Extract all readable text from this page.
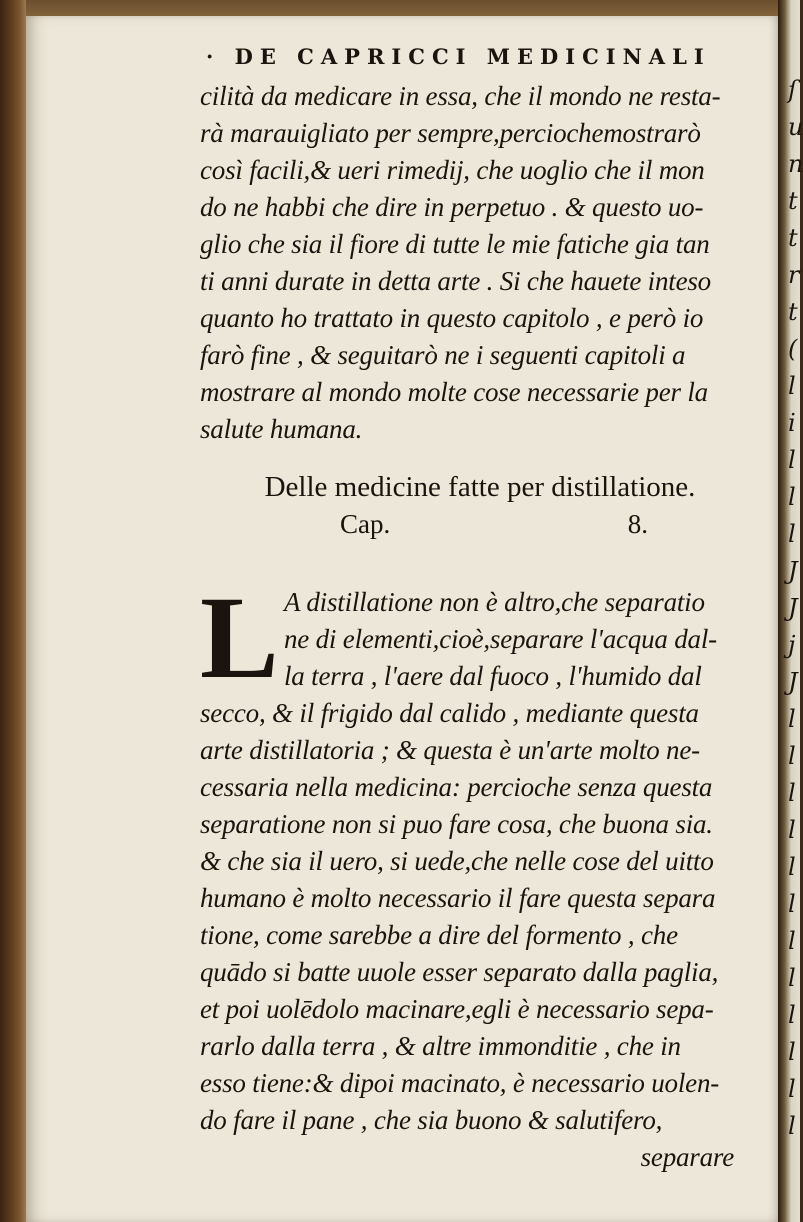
ſ
u
n
t
t
r
t
(
l
i
l
l
l
J
J
j
J
l
l
l
l
l
l
l
l
l
l
l
l
· DE CAPRICCI MEDICINALI
cilità da medicare in essa, che il mondo ne resta-
rà marauigliato per sempre,perciochemostrarò
così facili,& ueri rimedij, che uoglio che il mon
do ne habbi che dire in perpetuo . & questo uo-
glio che sia il fiore di tutte le mie fatiche gia tan
ti anni durate in detta arte . Si che hauete inteso
quanto ho trattato in questo capitolo , e però io
farò fine , & seguitarò ne i seguenti capitoli a
mostrare al mondo molte cose necessarie per la
salute humana.
Delle medicine fatte per distillatione.
Cap.	8.
L A distillatione non è altro,che separatio
ne di elementi,cioè,separare l'acqua dal-
la terra , l'aere dal fuoco , l'humido dal
secco, & il frigido dal calido , mediante questa
arte distillatoria ; & questa è un'arte molto ne-
cessaria nella medicina: percioche senza questa
separatione non si puo fare cosa, che buona sia.
& che sia il uero, si uede,che nelle cose del uitto
humano è molto necessario il fare questa separa
tione, come sarebbe a dire del formento , che
quādo si batte uuole esser separato dalla paglia,
et poi uolēdolo macinare,egli è necessario sepa-
rarlo dalla terra , & altre immonditie , che in
esso tiene:& dipoi macinato, è necessario uolen-
do fare il pane , che sia buono & salutifero,
separare
